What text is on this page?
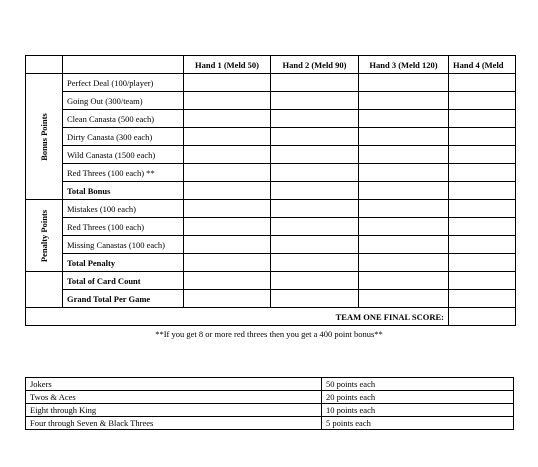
		Hand 1 (Meld 50)	Hand 2 (Meld 90)	Hand 3 (Meld 120)	Hand 4 (Meld

Bonus Points	Perfect Deal (100/player)				
	Going Out (300/team)				
	Clean Canasta (500 each)				
	Dirty Canasta (300 each)				
	Wild Canasta (1500 each)				
	Red Threes (100 each) **				
	Total Bonus				

Penalty Points	Mistakes (100 each)				
	Red Threes (100 each)				
	Missing Canastas (100 each)				
	Total Penalty				
	Total of Card Count				
	Grand Total Per Game				
TEAM ONE FINAL SCORE:					
**If you get 8 or more red threes then you get a 400 point bonus**
Jokers	50 points each
Twos & Aces	20 points each
Eight through King	10 points each
Four through Seven & Black Threes	5 points each
